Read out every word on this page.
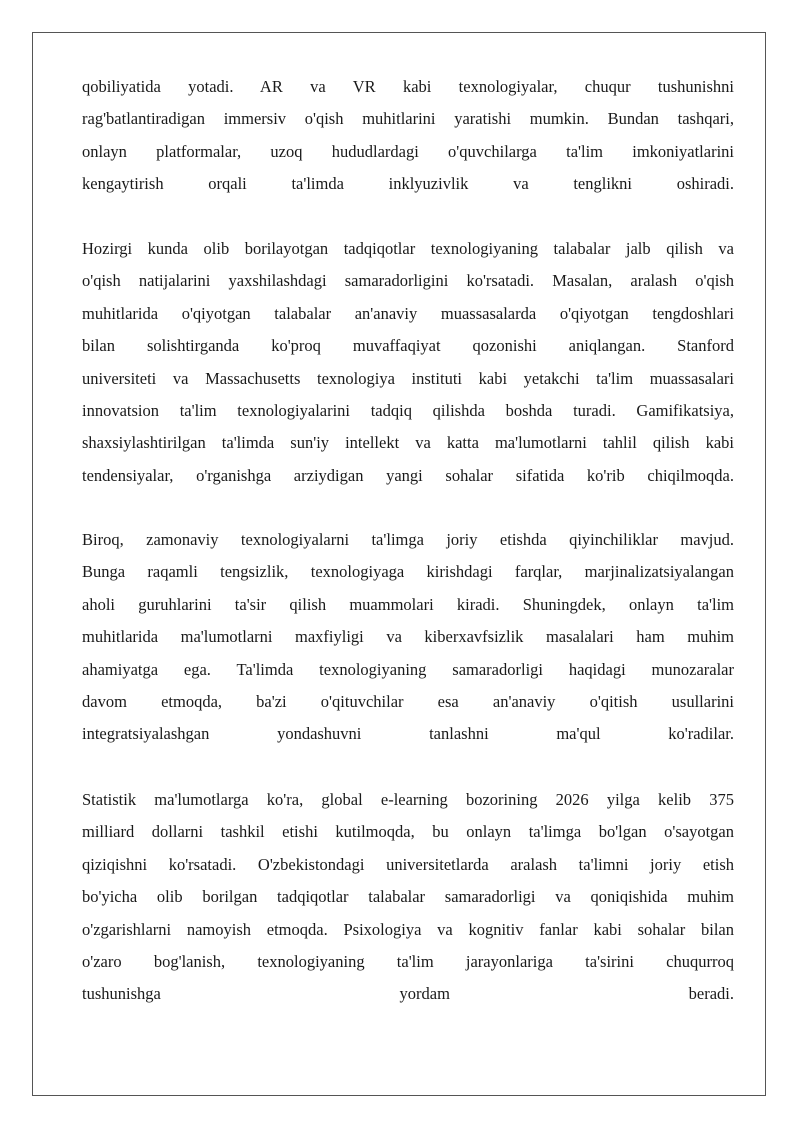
qobiliyatida yotadi. AR va VR kabi texnologiyalar, chuqur tushunishni
rag'batlantiradigan immersiv o'qish muhitlarini yaratishi mumkin. Bundan tashqari,
onlayn platformalar, uzoq hududlardagi o'quvchilarga ta'lim imkoniyatlarini
kengaytirish orqali ta'limda inklyuzivlik va tenglikni oshiradi.
Hozirgi kunda olib borilayotgan tadqiqotlar texnologiyaning talabalar jalb qilish va
o'qish natijalarini yaxshilashdagi samaradorligini ko'rsatadi. Masalan, aralash o'qish
muhitlarida o'qiyotgan talabalar an'anaviy muassasalarda o'qiyotgan tengdoshlari
bilan solishtirganda ko'proq muvaffaqiyat qozonishi aniqlangan. Stanford
universiteti va Massachusetts texnologiya instituti kabi yetakchi ta'lim muassasalari
innovatsion ta'lim texnologiyalarini tadqiq qilishda boshda turadi. Gamifikatsiya,
shaxsiylashtirilgan ta'limda sun'iy intellekt va katta ma'lumotlarni tahlil qilish kabi
tendensiyalar, o'rganishga arziydigan yangi sohalar sifatida ko'rib chiqilmoqda.
Biroq, zamonaviy texnologiyalarni ta'limga joriy etishda qiyinchiliklar mavjud.
Bunga raqamli tengsizlik, texnologiyaga kirishdagi farqlar, marjinalizatsiyalangan
aholi guruhlarini ta'sir qilish muammolari kiradi. Shuningdek, onlayn ta'lim
muhitlarida ma'lumotlarni maxfiyligi va kiberxavfsizlik masalalari ham muhim
ahamiyatga ega. Ta'limda texnologiyaning samaradorligi haqidagi munozaralar
davom etmoqda, ba'zi o'qituvchilar esa an'anaviy o'qitish usullarini
integratsiyalashgan yondashuvni tanlashni ma'qul ko'radilar.
Statistik ma'lumotlarga ko'ra, global e-learning bozorining 2026 yilga kelib 375
milliard dollarni tashkil etishi kutilmoqda, bu onlayn ta'limga bo'lgan o'sayotgan
qiziqishni ko'rsatadi. O'zbekistondagi universitetlarda aralash ta'limni joriy etish
bo'yicha olib borilgan tadqiqotlar talabalar samaradorligi va qoniqishida muhim
o'zgarishlarni namoyish etmoqda. Psixologiya va kognitiv fanlar kabi sohalar bilan
o'zaro bog'lanish, texnologiyaning ta'lim jarayonlariga ta'sirini chuqurroq
tushunishga yordam beradi.
